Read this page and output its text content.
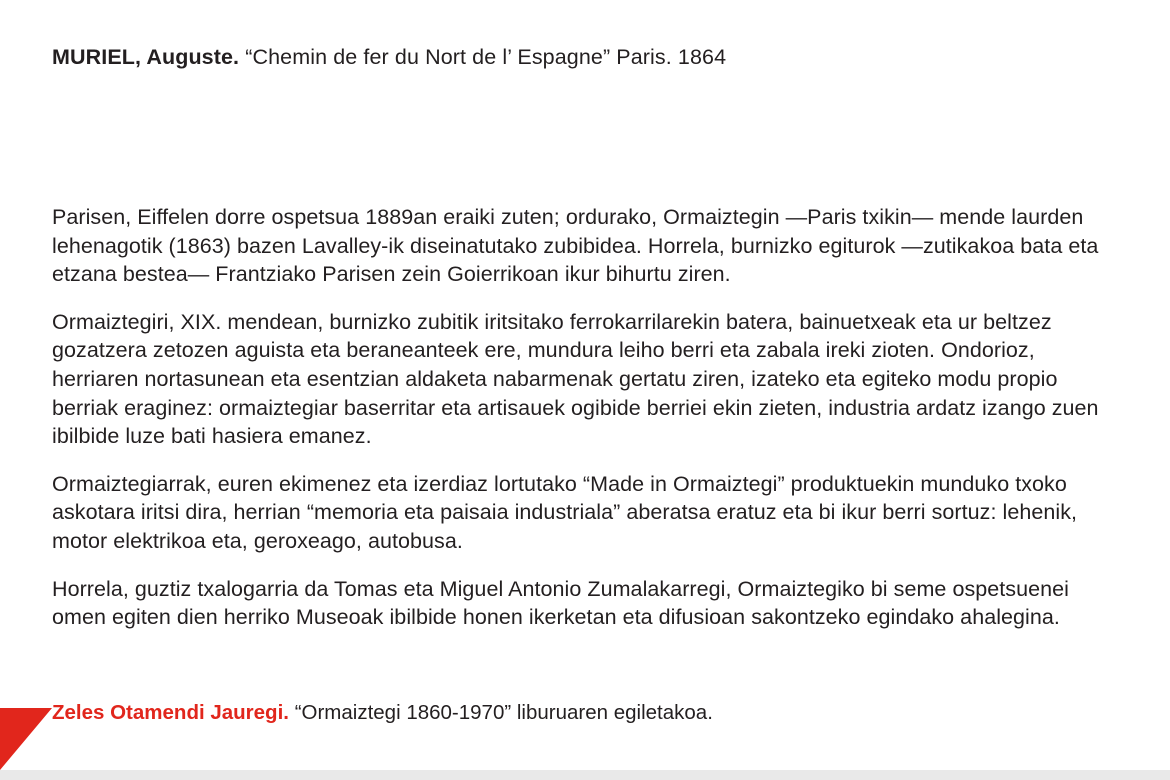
MURIEL, Auguste. “Chemin de fer du Nort de l’ Espagne” Paris. 1864

Parisen, Eiffelen dorre ospetsua 1889an eraiki zuten; ordurako, Ormaiztegin —Paris txikin— mende laurden lehenagotik (1863) bazen Lavalley-ik diseinatutako zubibidea. Horrela, burnizko egiturok —zutikakoa bata eta etzana bestea— Frantziako Parisen zein Goierrikoan ikur bihurtu ziren.

Ormaiztegiri, XIX. mendean, burnizko zubitik iritsitako ferrokarrilarekin batera, bainuetxeak eta ur beltzez gozatzera zetozen aguista eta beraneanteek ere, mundura leiho berri eta zabala ireki zioten. Ondorioz, herriaren nortasunean eta esentzian aldaketa nabarmenak gertatu ziren, izateko eta egiteko modu propio berriak eraginez: ormaiztegiar baserritar eta artisauek ogibide berriei ekin zieten, industria ardatz izango zuen ibilbide luze bati hasiera emanez.

Ormaiztegiarrak, euren ekimenez eta izerdiaz lortutako “Made in Ormaiztegi” produktuekin munduko txoko askotara iritsi dira, herrian “memoria eta paisaia industriala” aberatsa eratuz eta bi ikur berri sortuz: lehenik, motor elektrikoa eta, geroxeago, autobusa.

Horrela, guztiz txalogarria da Tomas eta Miguel Antonio Zumalakarregi, Ormaiztegiko bi seme ospetsuenei omen egiten dien herriko Museoak ibilbide honen ikerketan eta difusioan sakontzeko egindako ahalegina.

Zeles Otamendi Jauregi. “Ormaiztegi 1860-1970” liburuaren egiletakoa.
